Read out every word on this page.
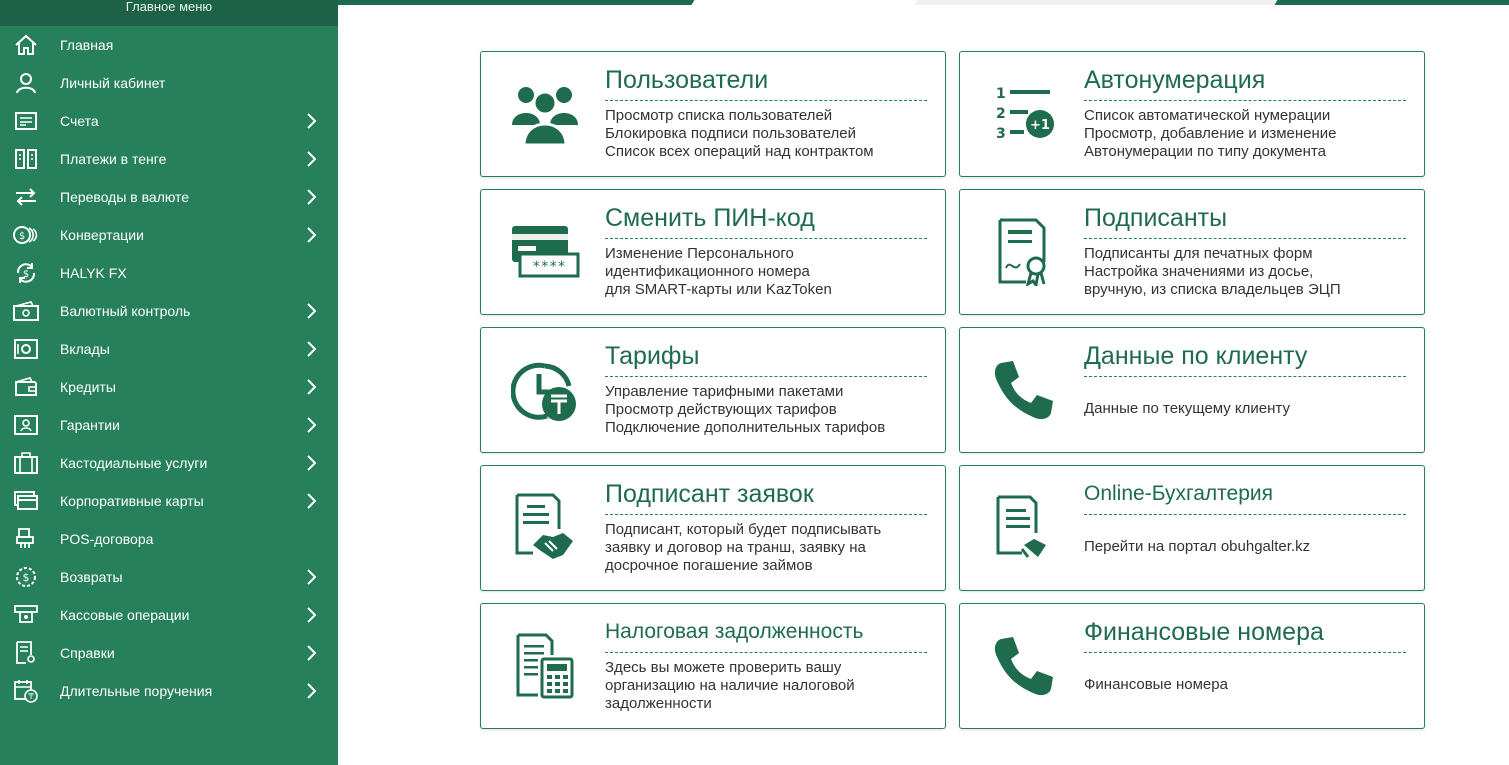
Главное меню
Главная
Личный кабинет
Счета
Платежи в тенге
Переводы в валюте
$ Конвертации
$ HALYK FX
Валютный контроль
Вклады
Кредиты
Гарантии
Кастодиальные услуги
Корпоративные карты
POS-договора
$ Возвраты
Кассовые операции
Справки
₸ Длительные поручения
Пользователи
Просмотр списка пользователей
Блокировка подписи пользователей
Список всех операций над контрактом
1
2
3
+1
Автонумерация
Список автоматической нумерации
Просмотр, добавление и изменение
Автонумерации по типу документа
****
Сменить ПИН-код
Изменение Персонального
идентификационного номера
для SMART-карты или KazToken
Подписанты
Подписанты для печатных форм
Настройка значениями из досье,
вручную, из списка владельцев ЭЦП
Тарифы
Управление тарифными пакетами
Просмотр действующих тарифов
Подключение дополнительных тарифов
Данные по клиенту
Данные по текущему клиенту
Подписант заявок
Подписант, который будет подписывать
заявку и договор на транш, заявку на
досрочное погашение займов
Online-Бухгалтерия
Перейти на портал obuhgalter.kz
Налоговая задолженность
Здесь вы можете проверить вашу
организацию на наличие налоговой
задолженности
Финансовые номера
Финансовые номера
